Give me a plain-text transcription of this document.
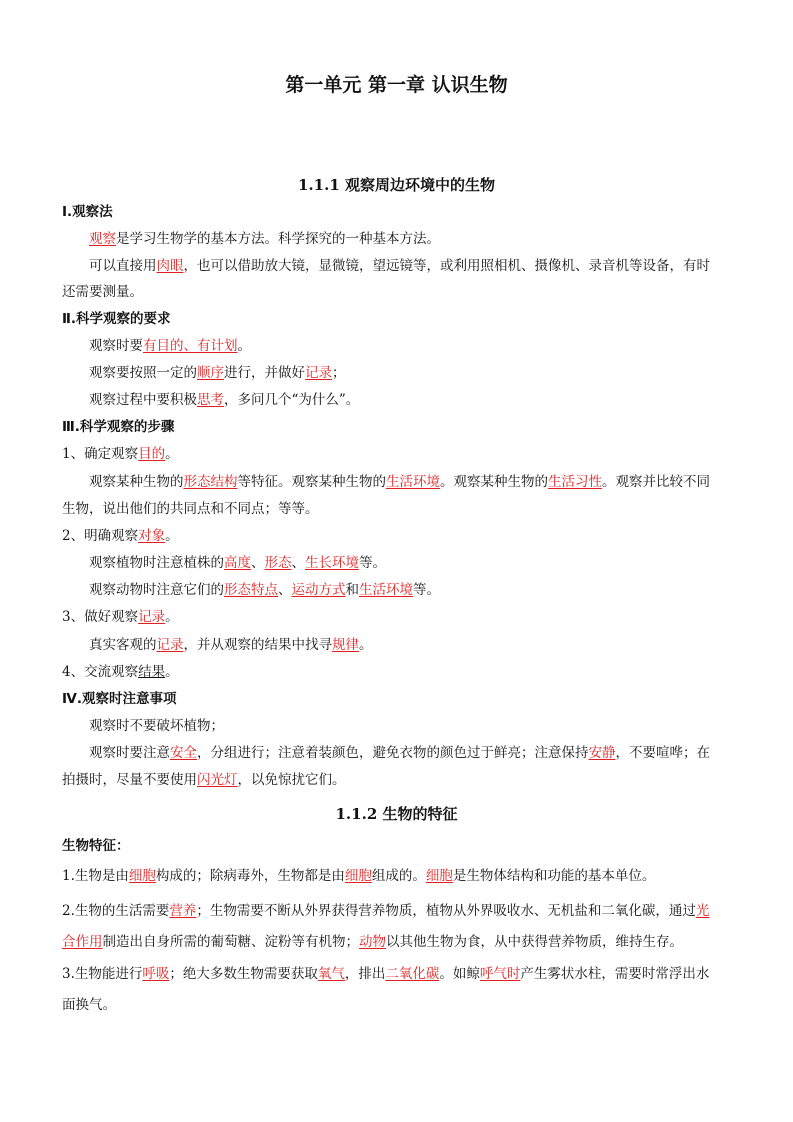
第一单元 第一章 认识生物
1.1.1 观察周边环境中的生物
Ⅰ.观察法
观察是学习生物学的基本方法。科学探究的一种基本方法。
可以直接用肉眼，也可以借助放大镜，显微镜，望远镜等，或利用照相机、摄像机、录音机等设备，有时
还需要测量。
Ⅱ.科学观察的要求
观察时要有目的、有计划。
观察要按照一定的顺序进行，并做好记录；
观察过程中要积极思考，多问几个“为什么”。
Ⅲ.科学观察的步骤
1、确定观察目的。
观察某种生物的形态结构等特征。观察某种生物的生活环境。观察某种生物的生活习性。观察并比较不同
生物，说出他们的共同点和不同点；等等。
2、明确观察对象。
观察植物时注意植株的高度、形态、生长环境等。
观察动物时注意它们的形态特点、运动方式和生活环境等。
3、做好观察记录。
真实客观的记录，并从观察的结果中找寻规律。
4、交流观察结果。
Ⅳ.观察时注意事项
观察时不要破坏植物；
观察时要注意安全，分组进行；注意着装颜色，避免衣物的颜色过于鲜亮；注意保持安静，不要喧哗；在
拍摄时，尽量不要使用闪光灯，以免惊扰它们。
1.1.2 生物的特征
生物特征：
1.生物是由细胞构成的；除病毒外，生物都是由细胞组成的。细胞是生物体结构和功能的基本单位。
2.生物的生活需要营养；生物需要不断从外界获得营养物质，植物从外界吸收水、无机盐和二氧化碳，通过光
合作用制造出自身所需的葡萄糖、淀粉等有机物；动物以其他生物为食，从中获得营养物质，维持生存。
3.生物能进行呼吸；绝大多数生物需要获取氧气，排出二氧化碳。如鲸呼气时产生雾状水柱，需要时常浮出水
面换气。
